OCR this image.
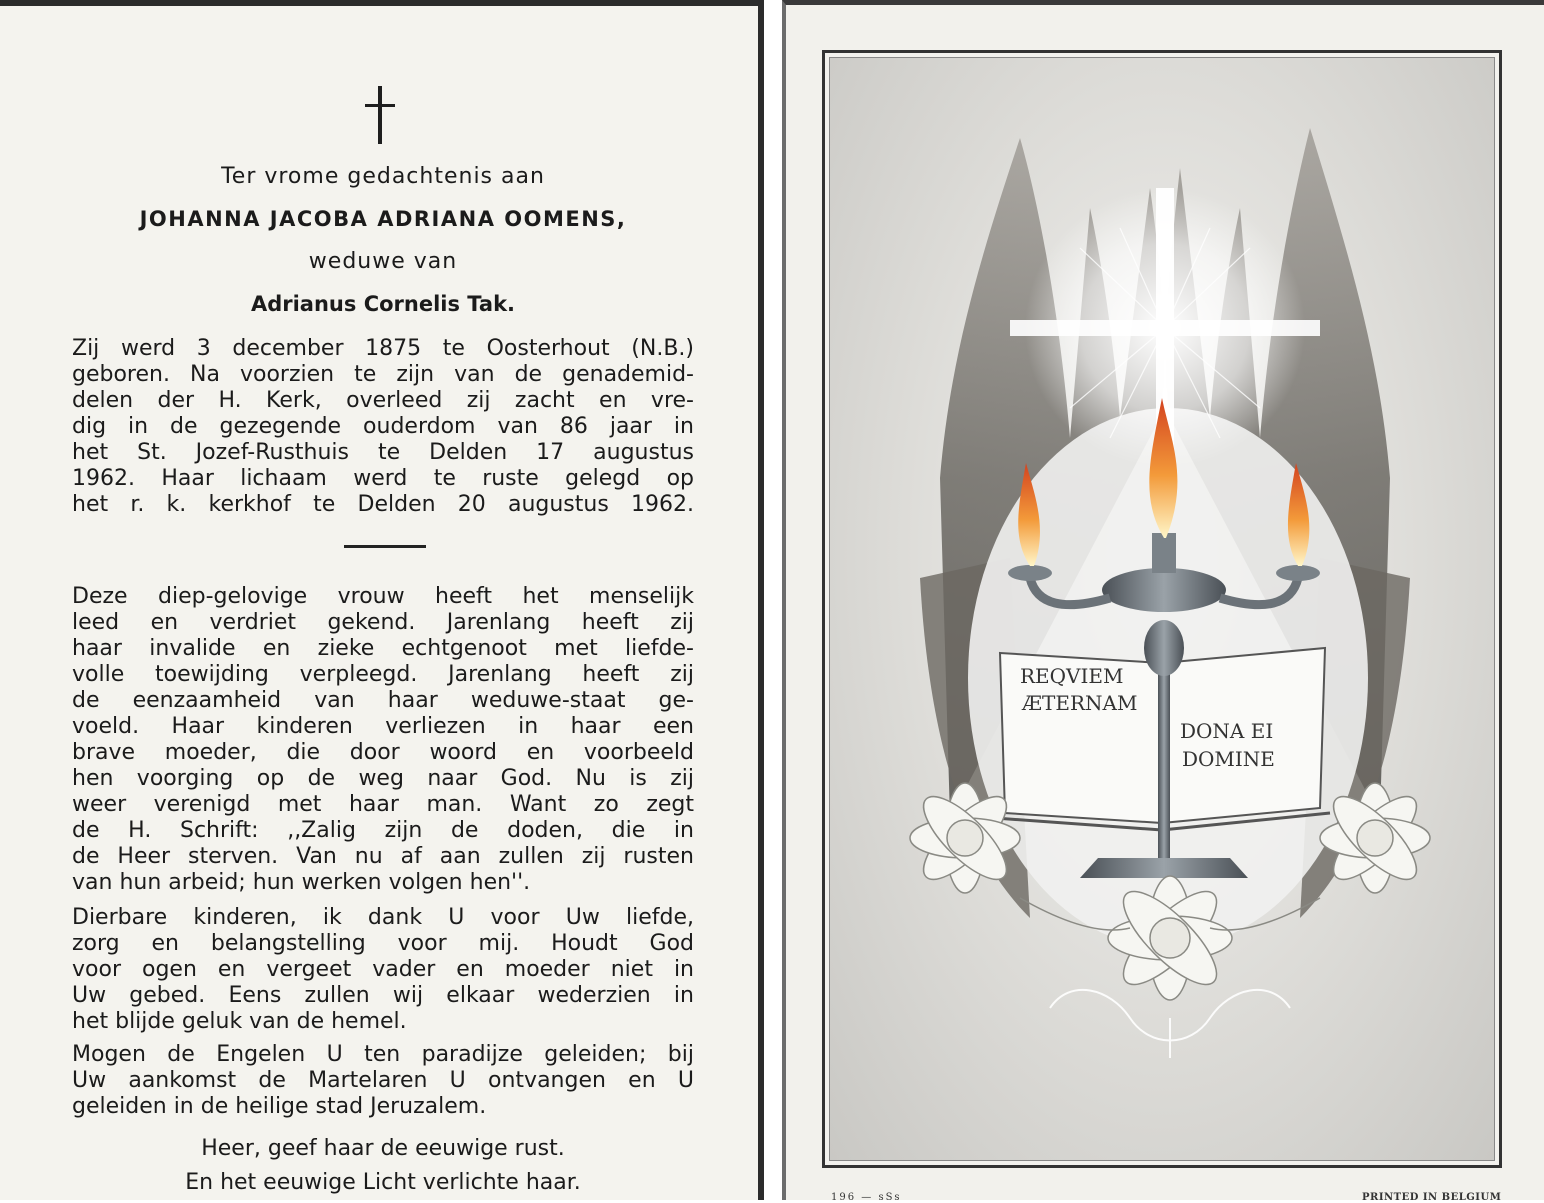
Ter vrome gedachtenis aan
JOHANNA JACOBA ADRIANA OOMENS,
weduwe van
Adrianus Cornelis Tak.
Zij werd 3 december 1875 te Oosterhout (N.B.)
geboren. Na voorzien te zijn van de genademid-
delen der H. Kerk, overleed zij zacht en vre-
dig in de gezegende ouderdom van 86 jaar in
het St. Jozef-Rusthuis te Delden 17 augustus
1962. Haar lichaam werd te ruste gelegd op
het r. k. kerkhof te Delden 20 augustus 1962.
Deze diep-gelovige vrouw heeft het menselijk
leed en verdriet gekend. Jarenlang heeft zij
haar invalide en zieke echtgenoot met liefde-
volle toewijding verpleegd. Jarenlang heeft zij
de eenzaamheid van haar weduwe-staat ge-
voeld. Haar kinderen verliezen in haar een
brave moeder, die door woord en voorbeeld
hen voorging op de weg naar God. Nu is zij
weer verenigd met haar man. Want zo zegt
de H. Schrift: ,,Zalig zijn de doden, die in
de Heer sterven. Van nu af aan zullen zij rusten
van hun arbeid; hun werken volgen hen''.
Dierbare kinderen, ik dank U voor Uw liefde,
zorg en belangstelling voor mij. Houdt God
voor ogen en vergeet vader en moeder niet in
Uw gebed. Eens zullen wij elkaar wederzien in
het blijde geluk van de hemel.
Mogen de Engelen U ten paradijze geleiden; bij
Uw aankomst de Martelaren U ontvangen en U
geleiden in de heilige stad Jeruzalem.
Heer, geef haar de eeuwige rust.
En het eeuwige Licht verlichte haar.
REQVIEM
ÆTERNAM
DONA EI
DOMINE
196 — sSs	PRINTED IN BELGIUM
